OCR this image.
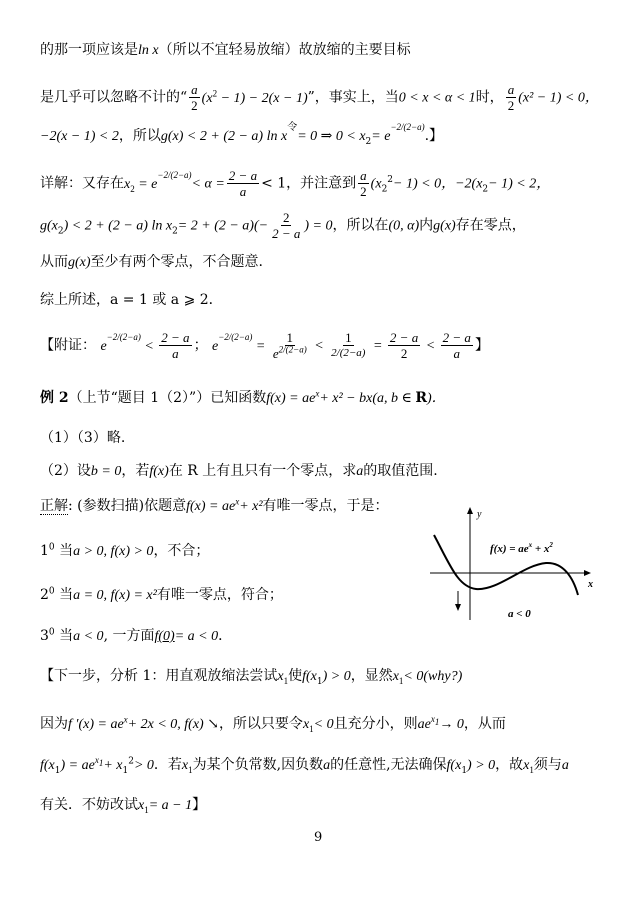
的那一项应该是ln x（所以不宜轻易放缩）故放缩的主要目标
是几乎可以忽略不计的“ $\frac{a}{2} (x^2 - 1) - 2(x - 1)$”，事实上，当0 < x < α < 1时， $\frac{a}{2} (x^2 - 1) < 0$，
−2(x − 1) < 2，所以g(x) < 2 + (2 − a) $\ln x^令= 0$ ⇒ $0 < x_2= e^{-2/(2-a)}$.】
详解：又存在$x_2 = e^{-2/(2-a)}< \alpha = \frac{2 - a}{a} < 1$，并注意到 $\frac{a}{2} (x_2^2- 1) < 0$，$-2(x_2- 1) < 2$，
$g(x_2) < 2 + (2 - a)$ $\ln x_2= 2 + (2 - a)(- \frac{2}{2 - a}$ ) = 0，所以在(0, α)内g(x)存在零点，
从而g(x)至少有两个零点，不合题意.
综上所述，a = 1 或 a ⩾ 2．
【附证： $e^{-2/(2-a)} < \frac{2 - a}{a}$ ； $e^{-2/(2-a)} = \frac{1}{e^{2/(2-a)}} < \frac{1}{2/(2-a)} = \frac{2 - a}{2} < \frac{2 - a}{a}$ 】
例 2（上节“题目 1（2）”）已知函数$f(x) = ae^x+ x^2 - bx(a$, b ∈ R)．
（1）（3）略.
（2）设b = 0，若f(x)在 R 上有且只有一个零点，求a的取值范围.
正解: (参数扫描)依题意$f(x) = ae^x+ x^2$有唯一零点，于是：
$1^0$ 当a > 0, f(x) > 0，不合；
$2^0$ 当a = 0, f(x) = x²有唯一零点，符合；
$3^0$ 当a < 0, 一方面f(0)= a < 0．
【下一步，分析 1：用直观放缩法尝试$x_1$使$f(x_1) > 0$，显然$x_1<$ 0(why?)
因为f $'(x) = ae^x+ 2x < 0$, f(x) ↘，所以只要令$x_1< 0$且充分小，则$ae^{x_1}\to 0$，从而
$f(x_1) = ae^{x_1}+ x_1^2> 0$．若$x_1$为某个负常数,因负数a的任意性,无法确保$f(x_1) > 0$，故$x_1$须与a
有关．不妨改试$x_1= a - 1$】
y
x
$f(x) = ae^x + x^2$
a < 0
9
